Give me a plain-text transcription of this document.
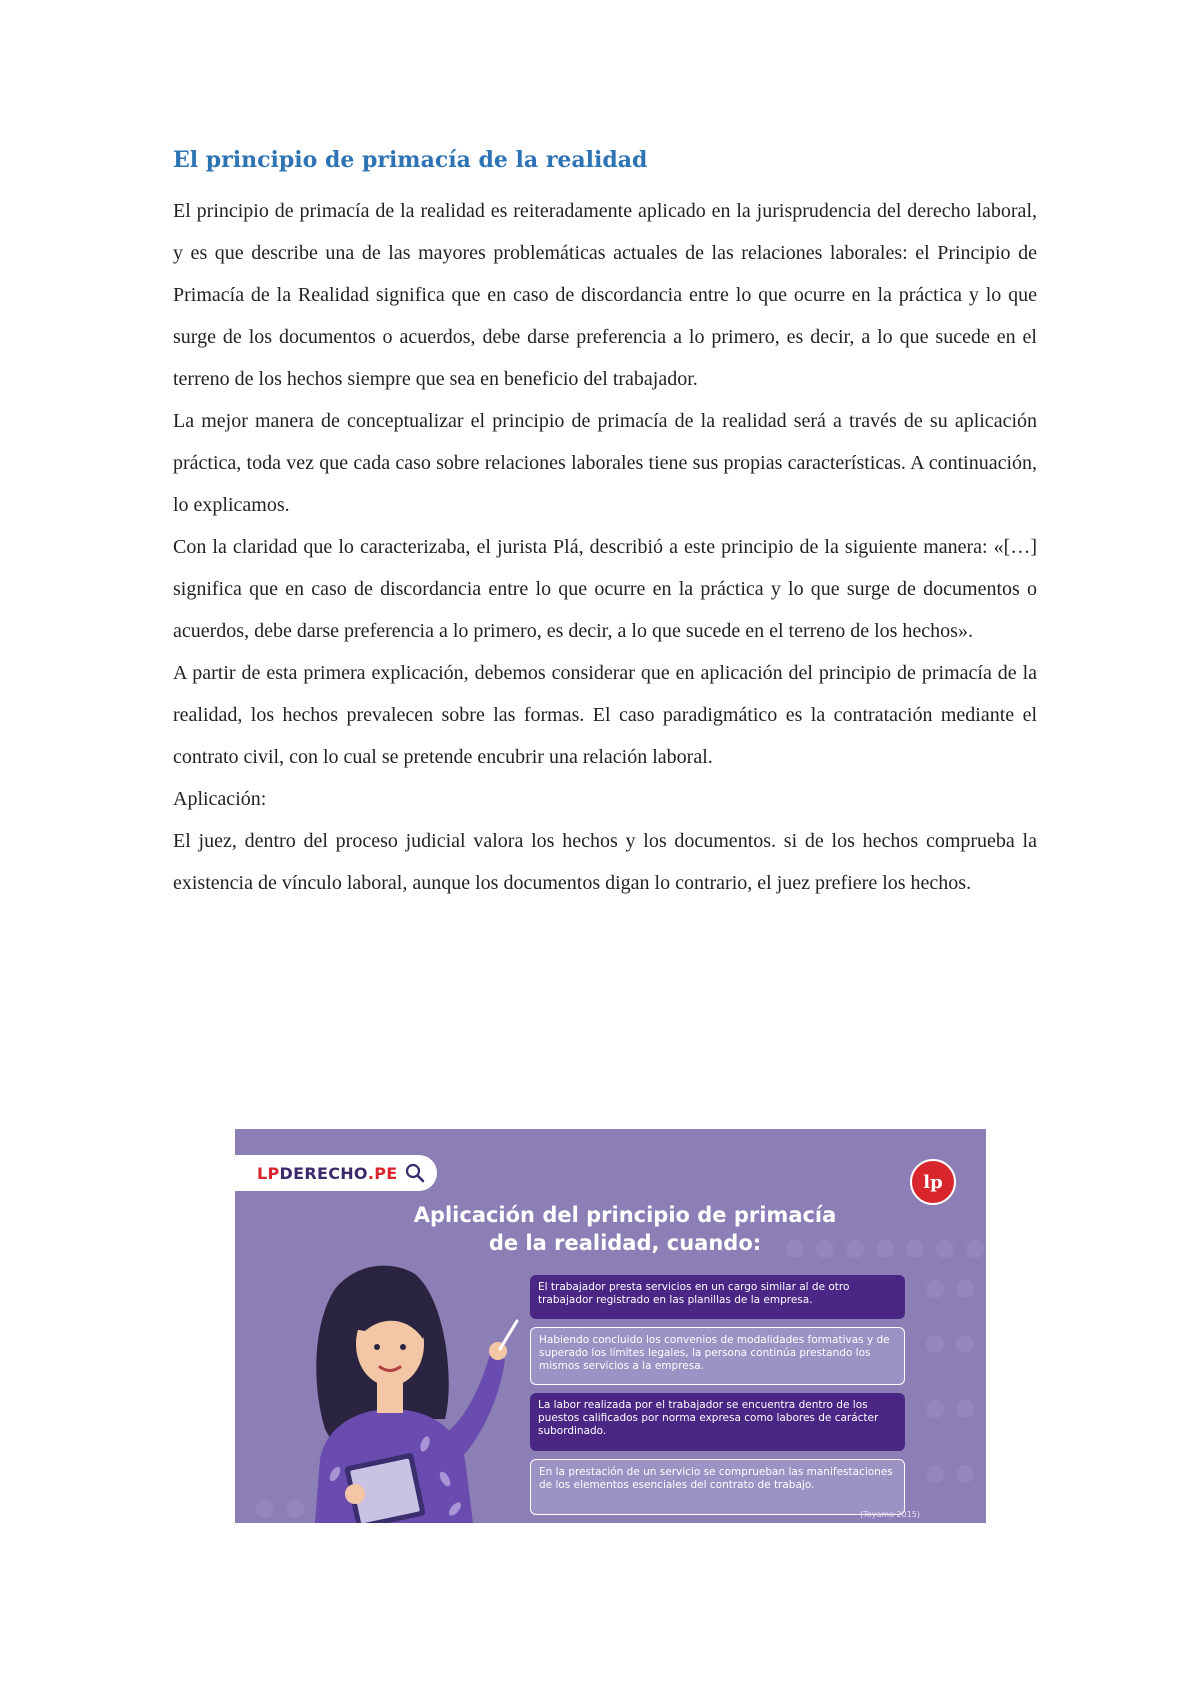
El principio de primacía de la realidad

El principio de primacía de la realidad es reiteradamente aplicado en la jurisprudencia del derecho laboral, y es que describe una de las mayores problemáticas actuales de las relaciones laborales: el Principio de Primacía de la Realidad significa que en caso de discordancia entre lo que ocurre en la práctica y lo que surge de los documentos o acuerdos, debe darse preferencia a lo primero, es decir, a lo que sucede en el terreno de los hechos siempre que sea en beneficio del trabajador.

La mejor manera de conceptualizar el principio de primacía de la realidad será a través de su aplicación práctica, toda vez que cada caso sobre relaciones laborales tiene sus propias características. A continuación, lo explicamos.

Con la claridad que lo caracterizaba, el jurista Plá, describió a este principio de la siguiente manera: «[…] significa que en caso de discordancia entre lo que ocurre en la práctica y lo que surge de documentos o acuerdos, debe darse preferencia a lo primero, es decir, a lo que sucede en el terreno de los hechos».

A partir de esta primera explicación, debemos considerar que en aplicación del principio de primacía de la realidad, los hechos prevalecen sobre las formas. El caso paradigmático es la contratación mediante el contrato civil, con lo cual se pretende encubrir una relación laboral.

Aplicación:

El juez, dentro del proceso judicial valora los hechos y los documentos. si de los hechos comprueba la existencia de vínculo laboral, aunque los documentos digan lo contrario, el juez prefiere los hechos.

LP DERECHO .PE	lp
Aplicación del principio de primacía
de la realidad, cuando:
El trabajador presta servicios en un cargo similar al de otro trabajador registrado en las planillas de la empresa.
Habiendo concluido los convenios de modalidades formativas y de superado los límites legales, la persona continúa prestando los mismos servicios a la empresa.
La labor realizada por el trabajador se encuentra dentro de los puestos calificados por norma expresa como labores de carácter subordinado.
En la prestación de un servicio se comprueban las manifestaciones de los elementos esenciales del contrato de trabajo.
(Toyama 2015)
